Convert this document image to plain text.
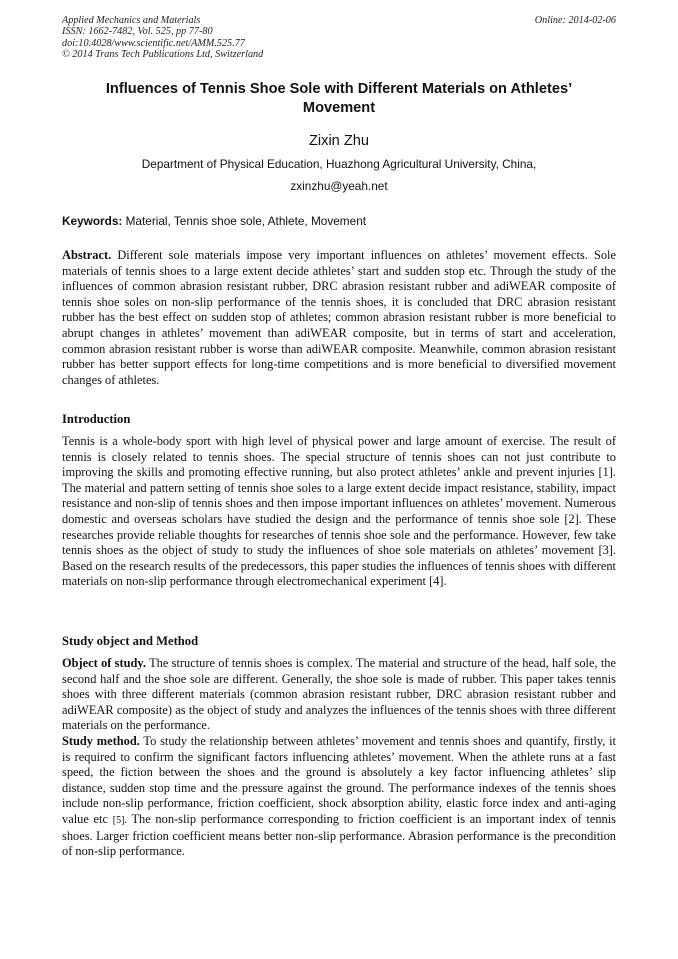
Applied Mechanics and Materials
ISSN: 1662-7482, Vol. 525, pp 77-80
doi:10.4028/www.scientific.net/AMM.525.77
© 2014 Trans Tech Publications Ltd, Switzerland
Online: 2014-02-06
Influences of Tennis Shoe Sole with Different Materials on Athletes’
Movement
Zixin Zhu
Department of Physical Education, Huazhong Agricultural University, China,
zxinzhu@yeah.net
Keywords: Material, Tennis shoe sole, Athlete, Movement

Abstract. Different sole materials impose very important influences on athletes’ movement effects. Sole materials of tennis shoes to a large extent decide athletes’ start and sudden stop etc. Through the study of the influences of common abrasion resistant rubber, DRC abrasion resistant rubber and adiWEAR composite of tennis shoe soles on non-slip performance of the tennis shoes, it is concluded that DRC abrasion resistant rubber has the best effect on sudden stop of athletes; common abrasion resistant rubber is more beneficial to abrupt changes in athletes’ movement than adiWEAR composite, but in terms of start and acceleration, common abrasion resistant rubber is worse than adiWEAR composite. Meanwhile, common abrasion resistant rubber has better support effects for long-time competitions and is more beneficial to diversified movement changes of athletes.

Introduction

Tennis is a whole-body sport with high level of physical power and large amount of exercise. The result of tennis is closely related to tennis shoes. The special structure of tennis shoes can not just contribute to improving the skills and promoting effective running, but also protect athletes’ ankle and prevent injuries [1]. The material and pattern setting of tennis shoe soles to a large extent decide impact resistance, stability, impact resistance and non-slip of tennis shoes and then impose important influences on athletes’ movement. Numerous domestic and overseas scholars have studied the design and the performance of tennis shoe sole [2]. These researches provide reliable thoughts for researches of tennis shoe sole and the performance. However, few take tennis shoes as the object of study to study the influences of shoe sole materials on athletes’ movement [3]. Based on the research results of the predecessors, this paper studies the influences of tennis shoes with different materials on non-slip performance through electromechanical experiment [4].

Study object and Method

Object of study. The structure of tennis shoes is complex. The material and structure of the head, half sole, the second half and the shoe sole are different. Generally, the shoe sole is made of rubber. This paper takes tennis shoes with three different materials (common abrasion resistant rubber, DRC abrasion resistant rubber and adiWEAR composite) as the object of study and analyzes the influences of the tennis shoes with three different materials on the performance.

Study method. To study the relationship between athletes’ movement and tennis shoes and quantify, firstly, it is required to confirm the significant factors influencing athletes’ movement. When the athlete runs at a fast speed, the fiction between the shoes and the ground is absolutely a key factor influencing athletes’ slip distance, sudden stop time and the pressure against the ground. The performance indexes of the tennis shoes include non-slip performance, friction coefficient, shock absorption ability, elastic force index and anti-aging value etc [5]. The non-slip performance corresponding to friction coefficient is an important index of tennis shoes. Larger friction coefficient means better non-slip performance. Abrasion performance is the precondition of non-slip performance.
